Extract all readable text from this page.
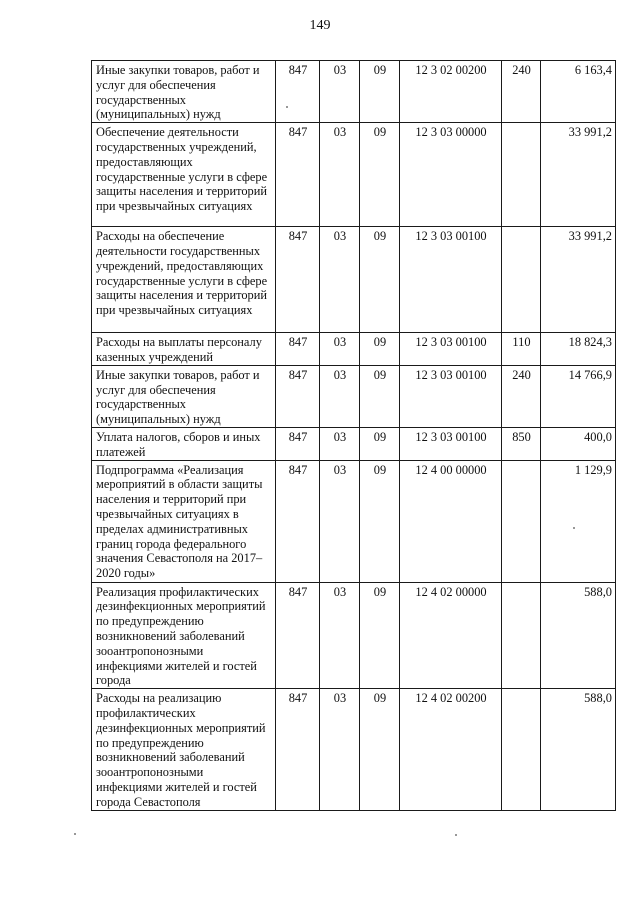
149
Иные закупки товаров, работ и услуг для обеспечения государственных (муниципальных) нужд	847	03	09	12 3 02 00200	240	6 163,4
Обеспечение деятельности государственных учреждений, предоставляющих государственные услуги в сфере защиты населения и территорий при чрезвычайных ситуациях	847	03	09	12 3 03 00000		33 991,2
Расходы на обеспечение деятельности государственных учреждений, предоставляющих государственные услуги в сфере защиты населения и территорий при чрезвычайных ситуациях	847	03	09	12 3 03 00100		33 991,2
Расходы на выплаты персоналу казенных учреждений	847	03	09	12 3 03 00100	110	18 824,3
Иные закупки товаров, работ и услуг для обеспечения государственных (муниципальных) нужд	847	03	09	12 3 03 00100	240	14 766,9
Уплата налогов, сборов и иных платежей	847	03	09	12 3 03 00100	850	400,0
Подпрограмма «Реализация мероприятий в области защиты населения и территорий при чрезвычайных ситуациях в пределах административных границ города федерального значения Севастополя на 2017–2020 годы»	847	03	09	12 4 00 00000		1 129,9
Реализация профилактических дезинфекционных мероприятий по предупреждению возникновений заболеваний зооантропонозными инфекциями жителей и гостей города	847	03	09	12 4 02 00000		588,0
Расходы на реализацию профилактических дезинфекционных мероприятий по предупреждению возникновений заболеваний зооантропонозными инфекциями жителей и гостей города Севастополя	847	03	09	12 4 02 00200		588,0
